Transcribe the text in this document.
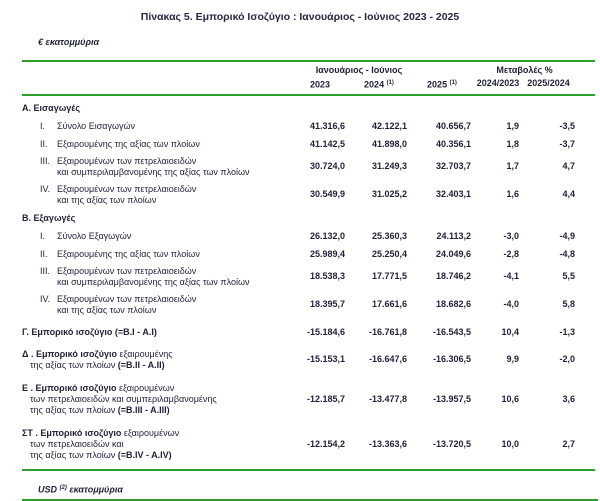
Πίνακας 5. Εμπορικό Ισοζύγιο : Ιανουάριος - Ιούνιος 2023 - 2025
€ εκατομμύρια
Ιανουάριος - Ιούνιος	Μεταβολές %
2023	2024 $^{(1)}$	2025 $^{(1)}$	2024/2023 2025/2024
Α. Εισαγωγές
I.	Σύνολο Εισαγωγών	41.316,6	42.122,1	40.656,7	1,9	-3,5
II.	Εξαιρουμένης της αξίας των πλοίων	41.142,5	41.898,0	40.356,1	1,8	-3,7
III. Εξαιρουμένων των πετρελαιοειδών
και συμπεριλαμβανομένης της αξίας των πλοίων
30.724,0	31.249,3	32.703,7	1,7	4,7
IV. Εξαιρουμένων των πετρελαιοειδών
και της αξίας των πλοίων
30.549,9	31.025,2	32.403,1	1,6	4,4
Β. Εξαγωγές
I.	Σύνολο Εξαγωγών	26.132,0	25.360,3	24.113,2	-3,0	-4,9
II.	Εξαιρουμένης της αξίας των πλοίων	25.989,4	25.250,4	24.049,6	-2,8	-4,8
III. Εξαιρουμένων των πετρελαιοειδών
και συμπεριλαμβανομένης της αξίας των πλοίων
18.538,3	17.771,5	18.746,2	-4,1	5,5
IV. Εξαιρουμένων των πετρελαιοειδών
και της αξίας των πλοίων
18.395,7	17.661,6	18.682,6	-4,0	5,8
Γ. Εμπορικό ισοζύγιο (=B.I - A.I)	-15.184,6	-16.761,8	-16.543,5	10,4	-1,3
Δ . Εμπορικό ισοζύγιο εξαιρουμένης
της αξίας των πλοίων (=B.II - A.II)
-15.153,1	-16.647,6	-16.306,5	9,9	-2,0
Ε . Εμπορικό ισοζύγιο εξαιρουμένων
των πετρελαιοειδών και συμπεριλαμβανομένης
της αξίας των πλοίων (=B.III - A.III)
-12.185,7	-13.477,8	-13.957,5	10,6	3,6
ΣΤ . Εμπορικό ισοζύγιο εξαιρουμένων
των πετρελαιοειδών και
της αξίας των πλοίων (=B.IV - A.IV)
-12.154,2	-13.363,6	-13.720,5	10,0	2,7
USD $^{(2)}$ εκατομμύρια
